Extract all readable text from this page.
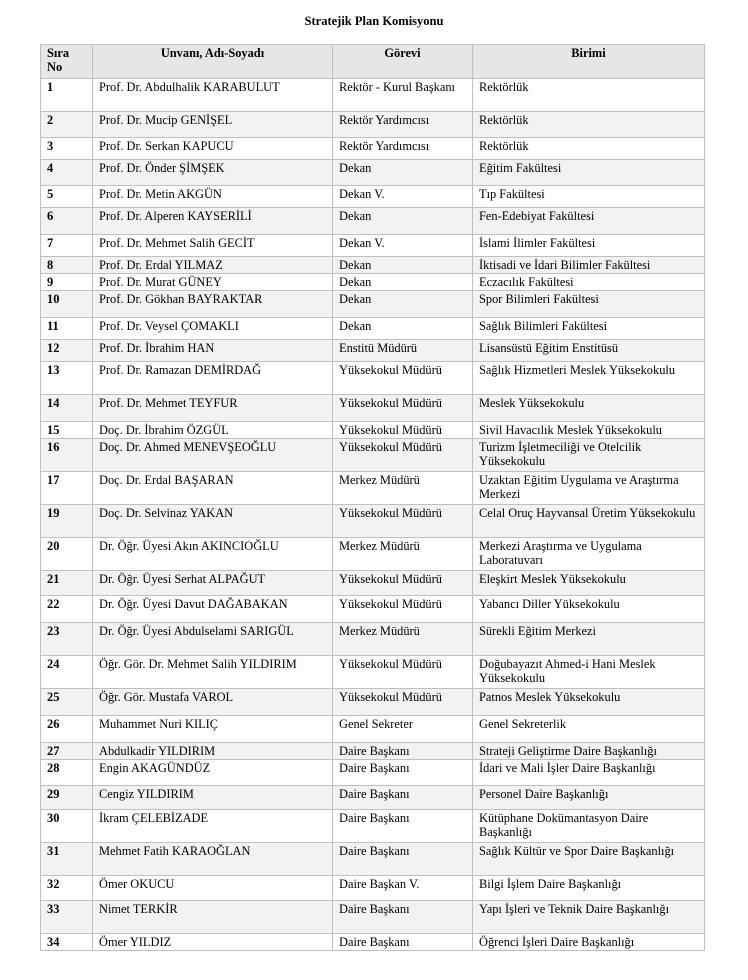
Stratejik Plan Komisyonu
Sıra No	Unvanı, Adı-Soyadı	Görevi	Birimi
1	Prof. Dr. Abdulhalik KARABULUT	Rektör - Kurul Başkanı	Rektörlük
2	Prof. Dr. Mucip GENİŞEL	Rektör Yardımcısı	Rektörlük
3	Prof. Dr. Serkan KAPUCU	Rektör Yardımcısı	Rektörlük
4	Prof. Dr. Önder ŞİMŞEK	Dekan	Eğitim Fakültesi
5	Prof. Dr. Metin AKGÜN	Dekan V.	Tıp Fakültesi
6	Prof. Dr. Alperen KAYSERİLİ	Dekan	Fen-Edebiyat Fakültesi
7	Prof. Dr. Mehmet Salih GECİT	Dekan V.	İslami İlimler Fakültesi
8	Prof. Dr. Erdal YILMAZ	Dekan	İktisadi ve İdari Bilimler Fakültesi
9	Prof. Dr. Murat GÜNEY	Dekan	Eczacılık Fakültesi
10	Prof. Dr. Gökhan BAYRAKTAR	Dekan	Spor Bilimleri Fakültesi
11	Prof. Dr. Veysel ÇOMAKLI	Dekan	Sağlık Bilimleri Fakültesi
12	Prof. Dr. İbrahim HAN	Enstitü Müdürü	Lisansüstü Eğitim Enstitüsü
13	Prof. Dr. Ramazan DEMİRDAĞ	Yüksekokul Müdürü	Sağlık Hizmetleri Meslek Yüksekokulu
14	Prof. Dr. Mehmet TEYFUR	Yüksekokul Müdürü	Meslek Yüksekokulu
15	Doç. Dr. İbrahim ÖZGÜL	Yüksekokul Müdürü	Sivil Havacılık Meslek Yüksekokulu
16	Doç. Dr. Ahmed MENEVŞEOĞLU	Yüksekokul Müdürü	Turizm İşletmeciliği ve Otelcilik Yüksekokulu
17	Doç. Dr. Erdal BAŞARAN	Merkez Müdürü	Uzaktan Eğitim Uygulama ve Araştırma Merkezi
19	Doç. Dr. Selvinaz YAKAN	Yüksekokul Müdürü	Celal Oruç Hayvansal Üretim Yüksekokulu
20	Dr. Öğr. Üyesi Akın AKINCIOĞLU	Merkez Müdürü	Merkezi Araştırma ve Uygulama Laboratuvarı
21	Dr. Öğr. Üyesi Serhat ALPAĞUT	Yüksekokul Müdürü	Eleşkirt Meslek Yüksekokulu
22	Dr. Öğr. Üyesi Davut DAĞABAKAN	Yüksekokul Müdürü	Yabancı Diller Yüksekokulu
23	Dr. Öğr. Üyesi Abdulselami SARIGÜL	Merkez Müdürü	Sürekli Eğitim Merkezi
24	Öğr. Gör. Dr. Mehmet Salih YILDIRIM	Yüksekokul Müdürü	Doğubayazıt Ahmed-i Hani Meslek Yüksekokulu
25	Öğr. Gör. Mustafa VAROL	Yüksekokul Müdürü	Patnos Meslek Yüksekokulu
26	Muhammet Nuri KILIÇ	Genel Sekreter	Genel Sekreterlik
27	Abdulkadir YILDIRIM	Daire Başkanı	Strateji Geliştirme Daire Başkanlığı
28	Engin AKAGÜNDÜZ	Daire Başkanı	İdari ve Mali İşler Daire Başkanlığı
29	Cengiz YILDIRIM	Daire Başkanı	Personel Daire Başkanlığı
30	İkram ÇELEBİZADE	Daire Başkanı	Kütüphane Dokümantasyon Daire Başkanlığı
31	Mehmet Fatih KARAOĞLAN	Daire Başkanı	Sağlık Kültür ve Spor Daire Başkanlığı
32	Ömer OKUCU	Daire Başkan V.	Bilgi İşlem Daire Başkanlığı
33	Nimet TERKİR	Daire Başkanı	Yapı İşleri ve Teknik Daire Başkanlığı
34	Ömer YILDIZ	Daire Başkanı	Öğrenci İşleri Daire Başkanlığı
